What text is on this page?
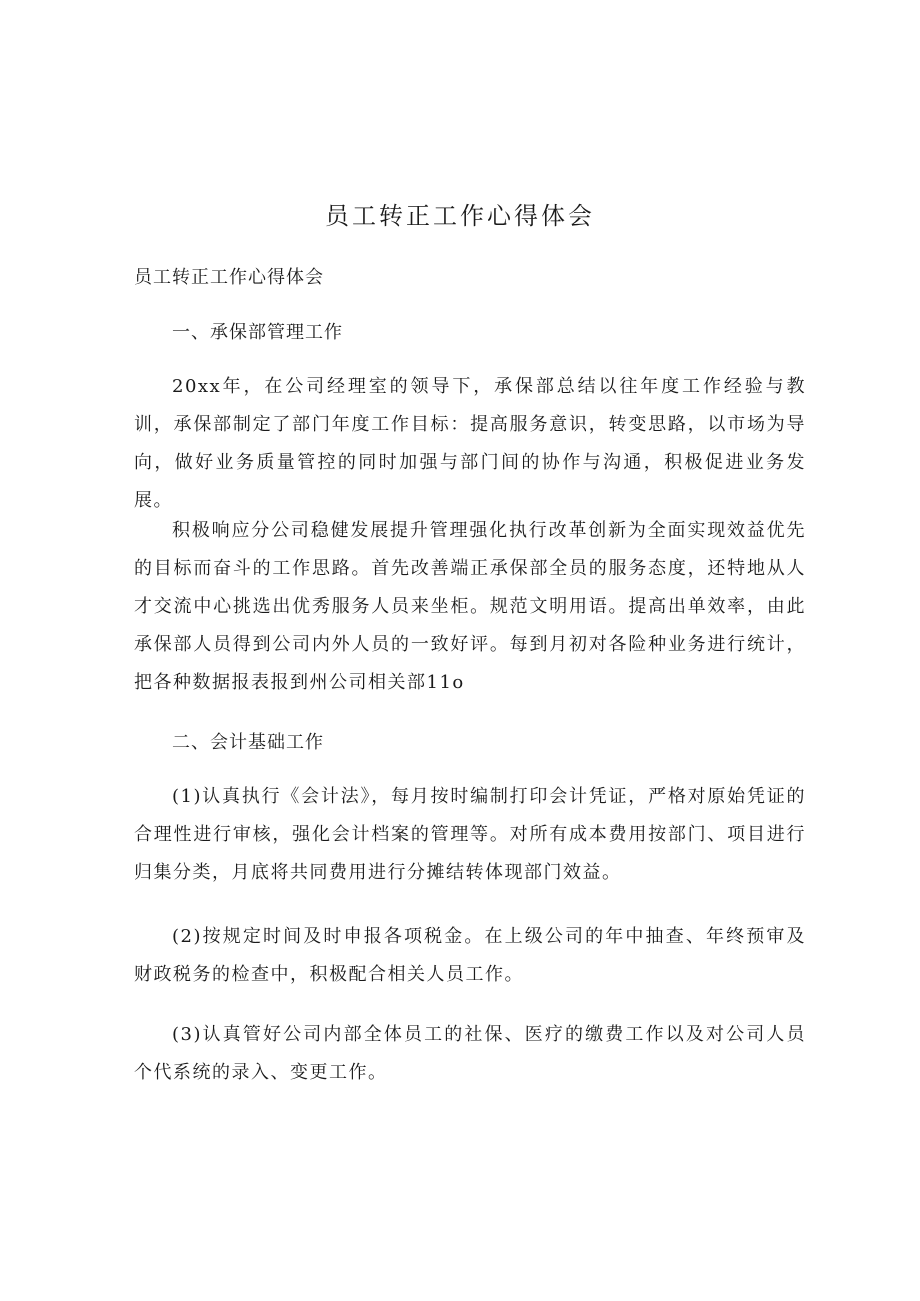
员工转正工作心得体会
员工转正工作心得体会
一、承保部管理工作
20xx年，在公司经理室的领导下，承保部总结以往年度工作经验与教训，承保部制定了部门年度工作目标：提高服务意识，转变思路，以市场为导向，做好业务质量管控的同时加强与部门间的协作与沟通，积极促进业务发展。
积极响应分公司稳健发展提升管理强化执行改革创新为全面实现效益优先的目标而奋斗的工作思路。首先改善端正承保部全员的服务态度，还特地从人才交流中心挑选出优秀服务人员来坐柜。规范文明用语。提高出单效率，由此承保部人员得到公司内外人员的一致好评。每到月初对各险种业务进行统计，把各种数据报表报到州公司相关部11o
二、会计基础工作
(1)认真执行《会计法》，每月按时编制打印会计凭证，严格对原始凭证的合理性进行审核，强化会计档案的管理等。对所有成本费用按部门、项目进行归集分类，月底将共同费用进行分摊结转体现部门效益。
(2)按规定时间及时申报各项税金。在上级公司的年中抽查、年终预审及财政税务的检查中，积极配合相关人员工作。
(3)认真管好公司内部全体员工的社保、医疗的缴费工作以及对公司人员个代系统的录入、变更工作。
